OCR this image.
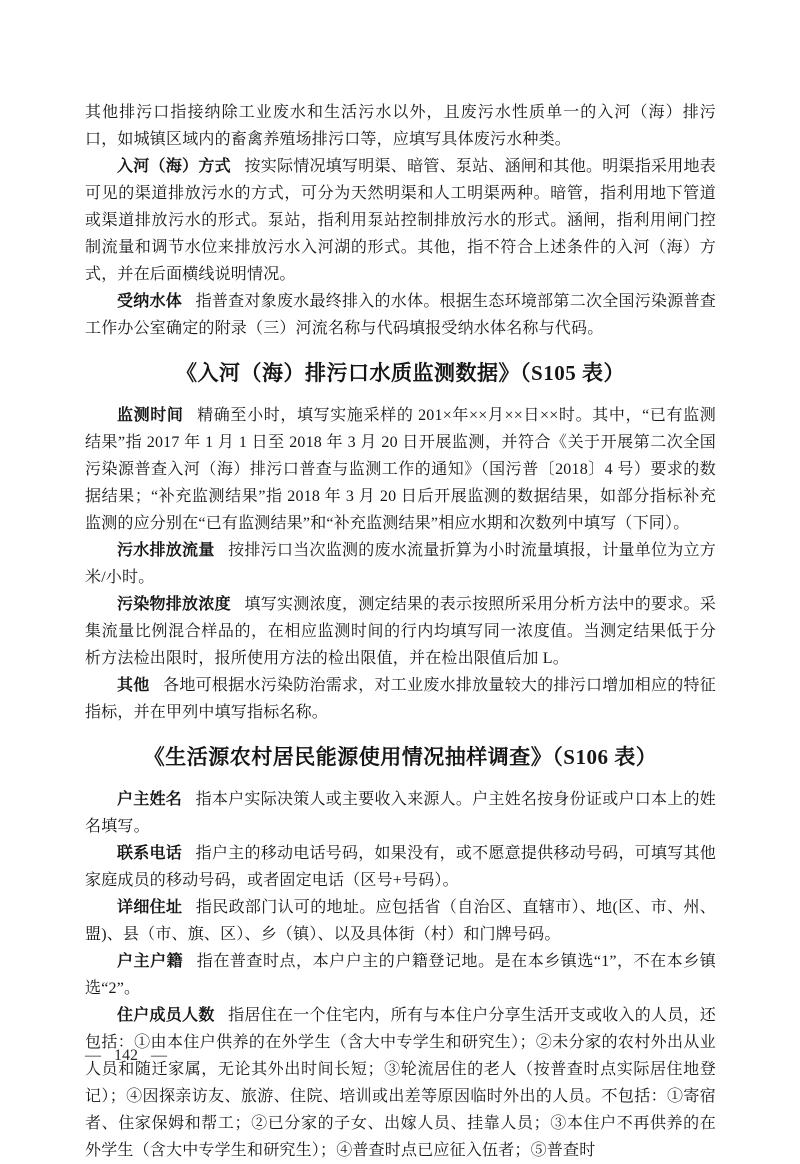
其他排污口指接纳除工业废水和生活污水以外，且废污水性质单一的入河（海）排污口，如城镇区域内的畜禽养殖场排污口等，应填写具体废污水种类。

入河（海）方式 按实际情况填写明渠、暗管、泵站、涵闸和其他。明渠指采用地表可见的渠道排放污水的方式，可分为天然明渠和人工明渠两种。暗管，指利用地下管道或渠道排放污水的形式。泵站，指利用泵站控制排放污水的形式。涵闸，指利用闸门控制流量和调节水位来排放污水入河湖的形式。其他，指不符合上述条件的入河（海）方式，并在后面横线说明情况。

受纳水体 指普查对象废水最终排入的水体。根据生态环境部第二次全国污染源普查工作办公室确定的附录（三）河流名称与代码填报受纳水体名称与代码。

《入河（海）排污口水质监测数据》（S105 表）

监测时间 精确至小时，填写实施采样的 201×年××月××日××时。其中，“已有监测结果”指 2017 年 1 月 1 日至 2018 年 3 月 20 日开展监测，并符合《关于开展第二次全国污染源普查入河（海）排污口普查与监测工作的通知》（国污普〔2018〕4 号）要求的数据结果；“补充监测结果”指 2018 年 3 月 20 日后开展监测的数据结果，如部分指标补充监测的应分别在“已有监测结果”和“补充监测结果”相应水期和次数列中填写（下同）。

污水排放流量 按排污口当次监测的废水流量折算为小时流量填报，计量单位为立方米/小时。

污染物排放浓度 填写实测浓度，测定结果的表示按照所采用分析方法中的要求。采集流量比例混合样品的，在相应监测时间的行内均填写同一浓度值。当测定结果低于分析方法检出限时，报所使用方法的检出限值，并在检出限值后加 L。

其他 各地可根据水污染防治需求，对工业废水排放量较大的排污口增加相应的特征指标，并在甲列中填写指标名称。

《生活源农村居民能源使用情况抽样调查》（S106 表）

户主姓名 指本户实际决策人或主要收入来源人。户主姓名按身份证或户口本上的姓名填写。

联系电话 指户主的移动电话号码，如果没有，或不愿意提供移动号码，可填写其他家庭成员的移动号码，或者固定电话（区号+号码）。

详细住址 指民政部门认可的地址。应包括省（自治区、直辖市）、地(区、市、州、盟)、县（市、旗、区）、乡（镇）、以及具体街（村）和门牌号码。

户主户籍 指在普查时点，本户户主的户籍登记地。是在本乡镇选“1”，不在本乡镇选“2”。

住户成员人数 指居住在一个住宅内，所有与本住户分享生活开支或收入的人员，还包括：①由本住户供养的在外学生（含大中专学生和研究生）；②未分家的农村外出从业人员和随迁家属，无论其外出时间长短；③轮流居住的老人（按普查时点实际居住地登记）；④因探亲访友、旅游、住院、培训或出差等原因临时外出的人员。不包括：①寄宿者、住家保姆和帮工；②已分家的子女、出嫁人员、挂靠人员；③本住户不再供养的在外学生（含大中专学生和研究生）；④普查时点已应征入伍者；⑤普查时

— 142 —
